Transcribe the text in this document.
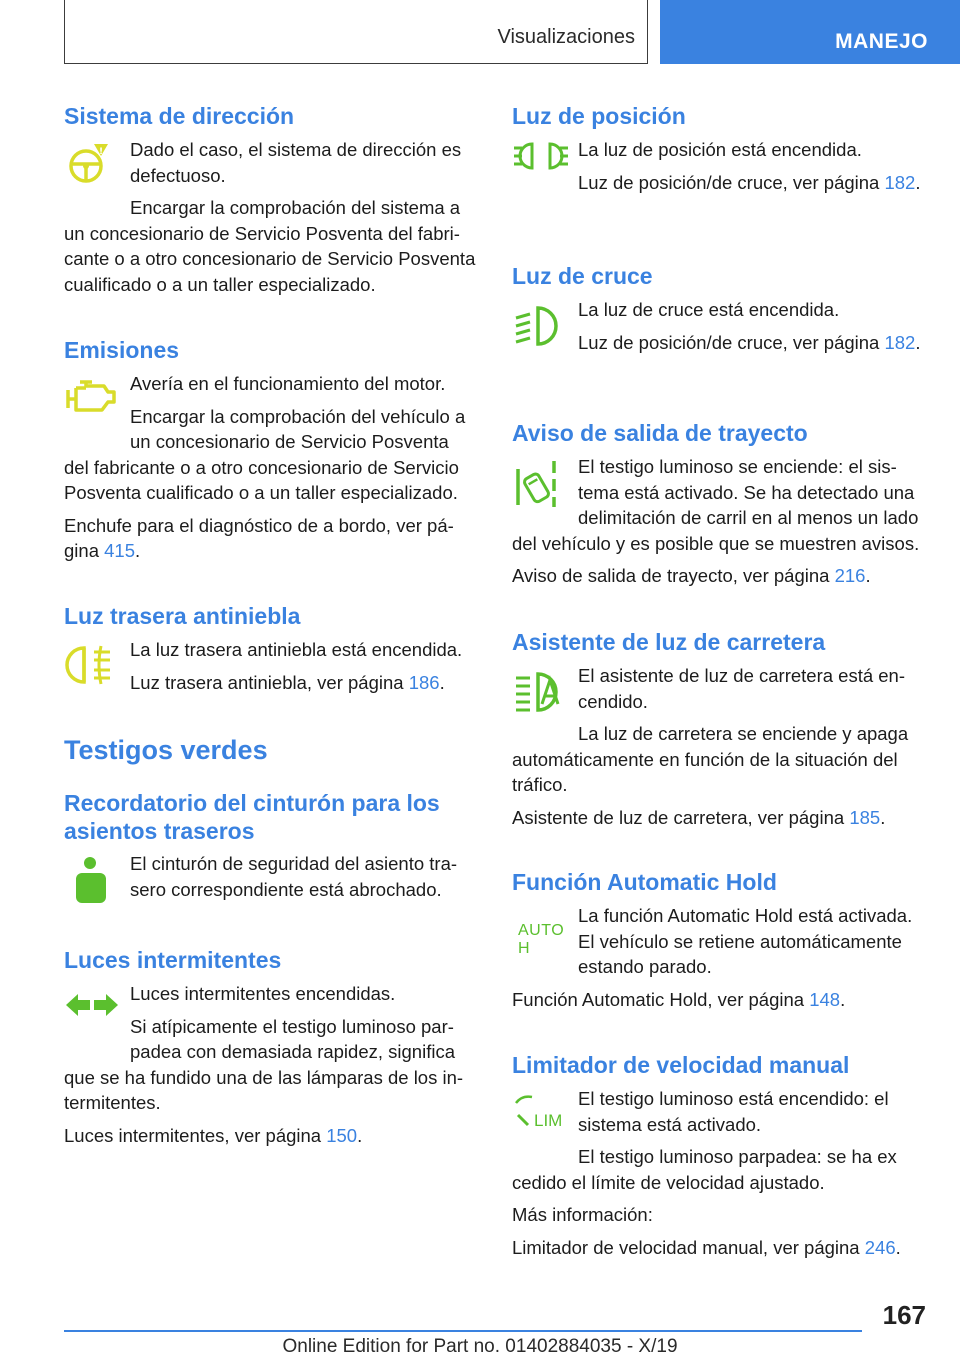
Visualizaciones	MANEJO
Sistema de dirección
!	Dado el caso, el sistema de dirección es defectuoso.

Encargar la comprobación del sistema a

un concesionario de Servicio Posventa del fabricante o a otro concesionario de Servicio Posventa cualificado o a un taller especializado.

Emisiones

Avería en el funcionamiento del motor.

Encargar la comprobación del vehículo a un concesionario de Servicio Posventa

del fabricante o a otro concesionario de Servicio Posventa cualificado o a un taller especializado.

Enchufe para el diagnóstico de a bordo, ver página 415.

Luz trasera antiniebla

La luz trasera antiniebla está encendida.

Luz trasera antiniebla, ver página 186.

Testigos verdes
Recordatorio del cinturón para los asientos traseros

El cinturón de seguridad del asiento trasero correspondiente está abrochado.

Luces intermitentes

Luces intermitentes encendidas.

Si atípicamente el testigo luminoso parpadea con demasiada rapidez, significa

que se ha fundido una de las lámparas de los intermitentes.

Luces intermitentes, ver página 150.

Luz de posición

La luz de posición está encendida.

Luz de posición/de cruce, ver página 182.

Luz de cruce

La luz de cruce está encendida.

Luz de posición/de cruce, ver página 182.

Aviso de salida de trayecto

El testigo luminoso se enciende: el sistema está activado. Se ha detectado una delimitación de carril en al menos un lado

del vehículo y es posible que se muestren avisos.

Aviso de salida de trayecto, ver página 216.

Asistente de luz de carretera

El asistente de luz de carretera está encendido.

La luz de carretera se enciende y apaga

automáticamente en función de la situación del tráfico.

Asistente de luz de carretera, ver página 185.

Función Automatic Hold
AUTO H

La función Automatic Hold está activada. El vehículo se retiene automáticamente estando parado.

Función Automatic Hold, ver página 148.

Limitador de velocidad manual
LIM

El testigo luminoso está encendido: el sistema está activado.

El testigo luminoso parpadea: se ha ex

cedido el límite de velocidad ajustado.

Más información:

Limitador de velocidad manual, ver página 246.

167
Online Edition for Part no. 01402884035 - X/19
